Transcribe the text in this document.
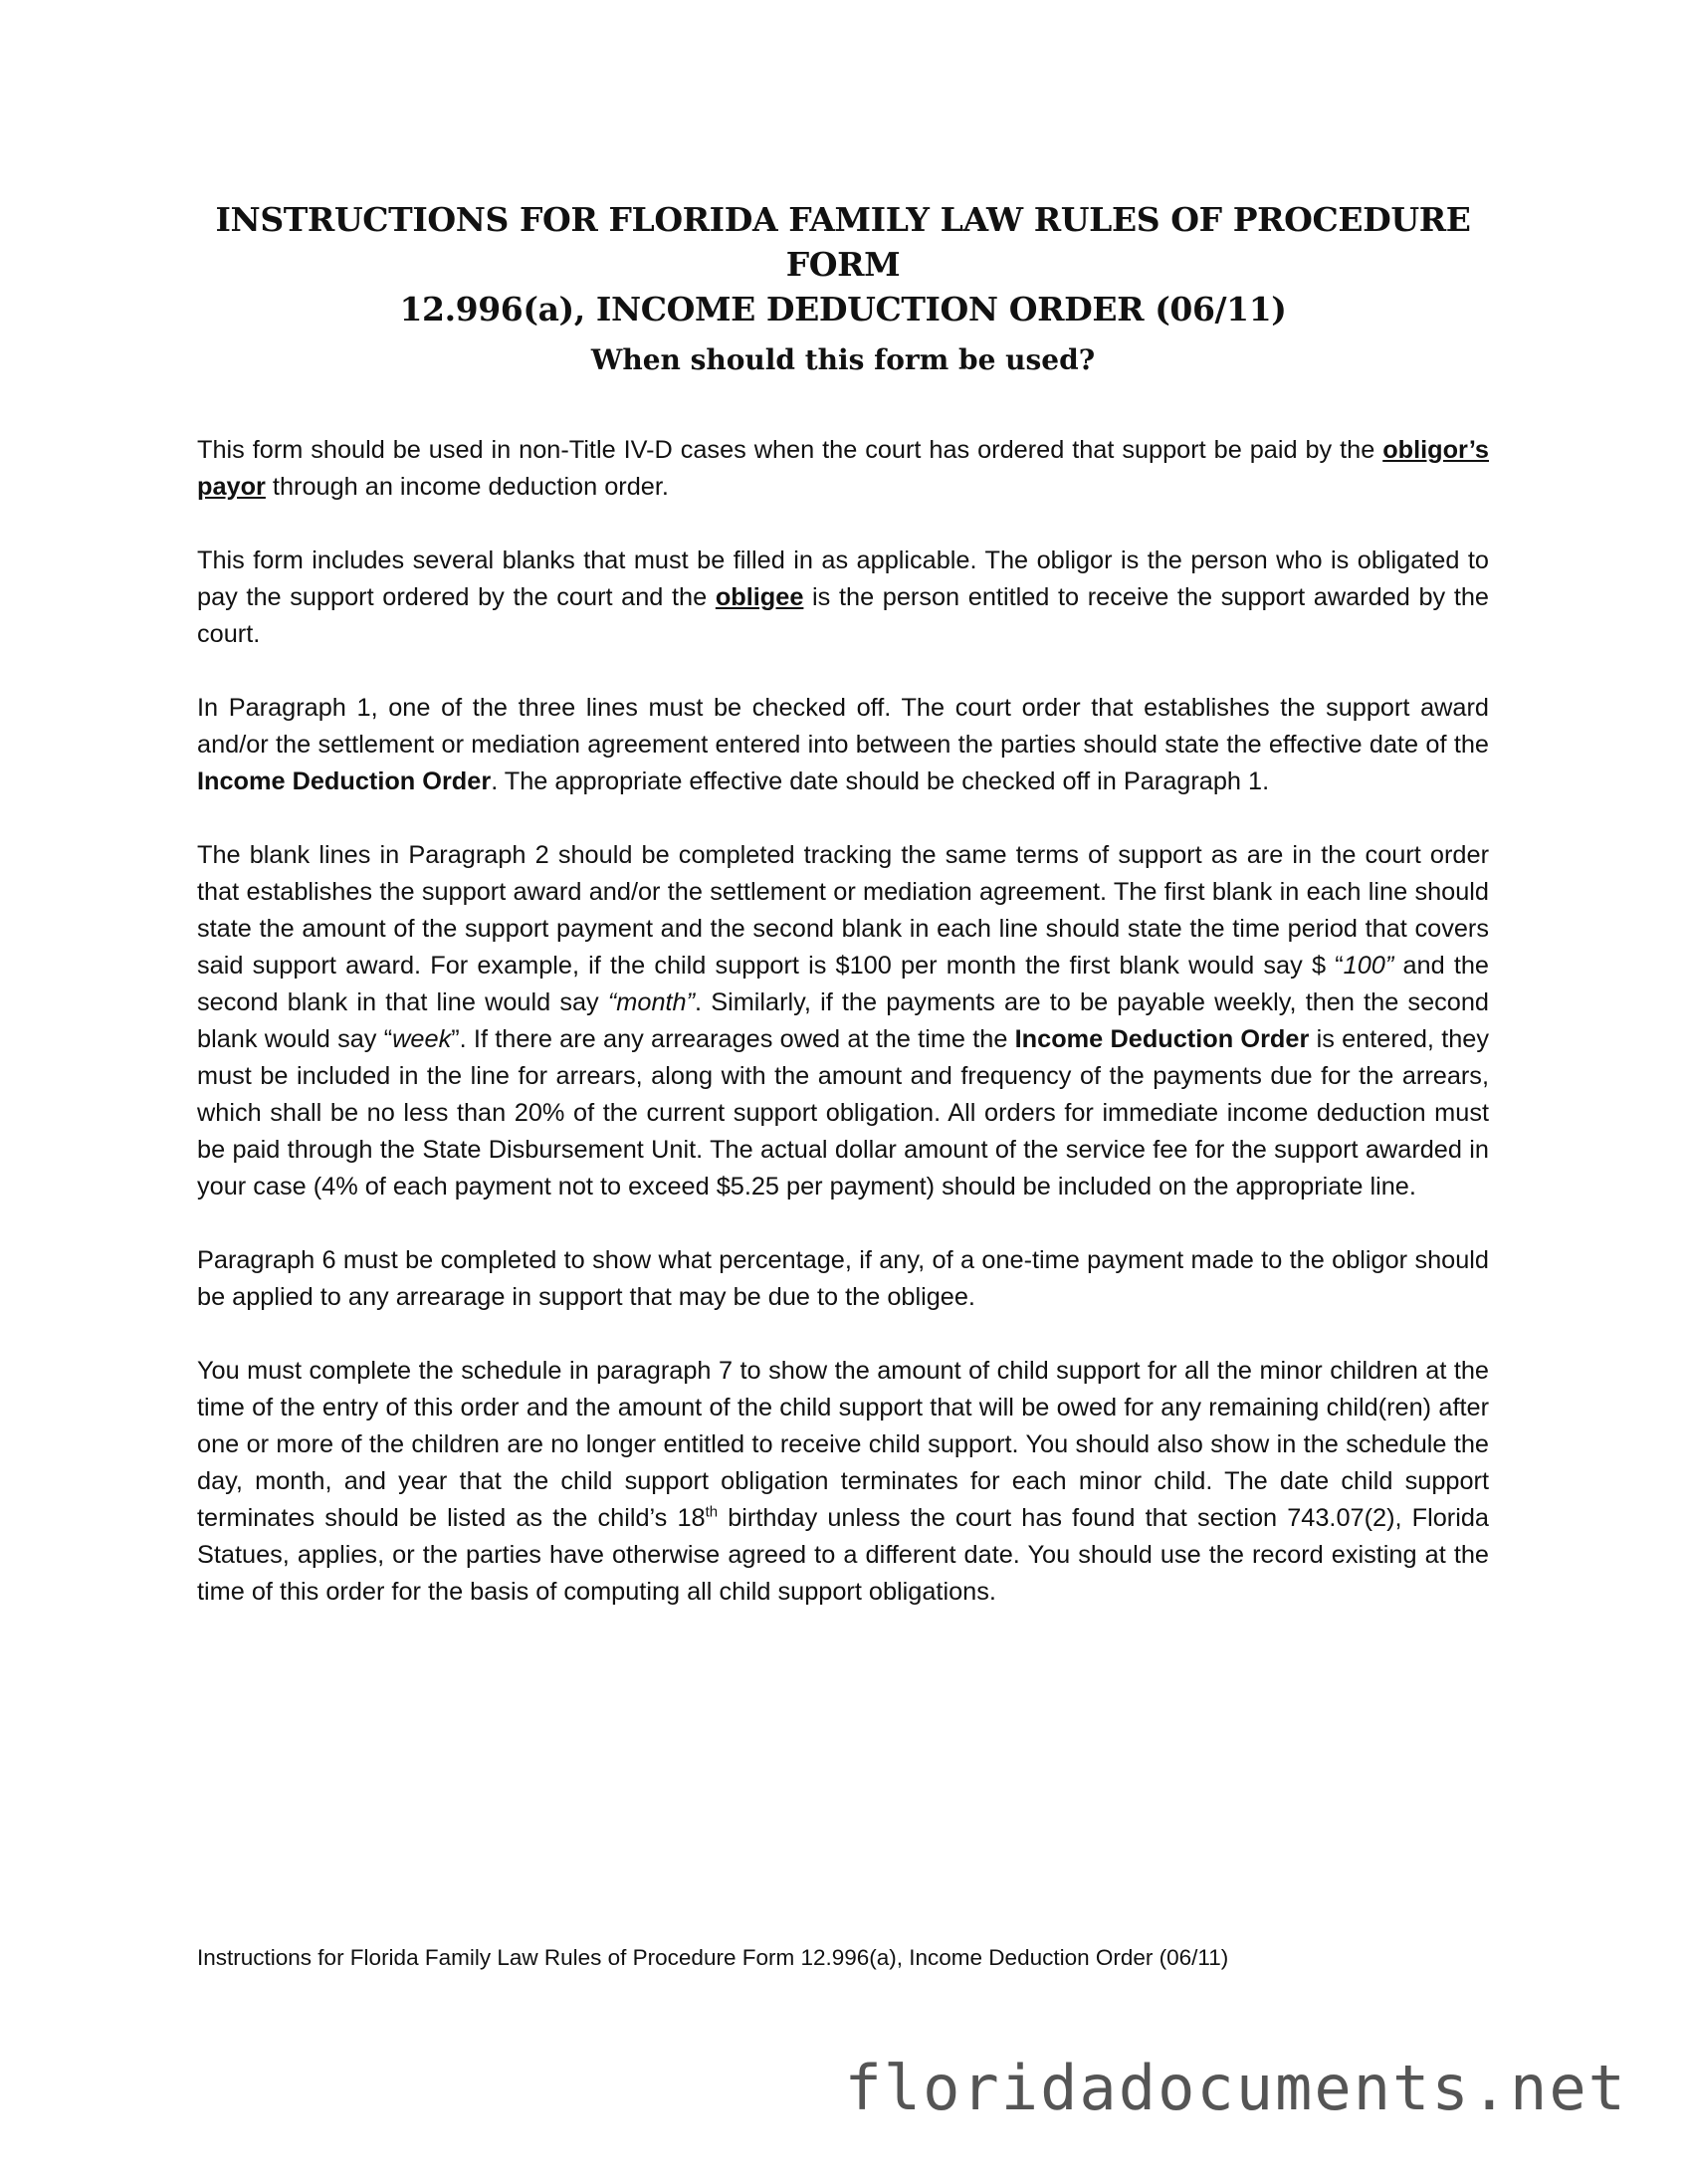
INSTRUCTIONS FOR FLORIDA FAMILY LAW RULES OF PROCEDURE FORM
12.996(a), INCOME DEDUCTION ORDER (06/11)
When should this form be used?

This form should be used in non-Title IV-D cases when the court has ordered that support be paid by the obligor’s payor through an income deduction order.

This form includes several blanks that must be filled in as applicable. The obligor is the person who is obligated to pay the support ordered by the court and the obligee is the person entitled to receive the support awarded by the court.

In Paragraph 1, one of the three lines must be checked off. The court order that establishes the support award and/or the settlement or mediation agreement entered into between the parties should state the effective date of the Income Deduction Order. The appropriate effective date should be checked off in Paragraph 1.

The blank lines in Paragraph 2 should be completed tracking the same terms of support as are in the court order that establishes the support award and/or the settlement or mediation agreement. The first blank in each line should state the amount of the support payment and the second blank in each line should state the time period that covers said support award. For example, if the child support is $100 per month the first blank would say $ “100” and the second blank in that line would say “month”. Similarly, if the payments are to be payable weekly, then the second blank would say “week”. If there are any arrearages owed at the time the Income Deduction Order is entered, they must be included in the line for arrears, along with the amount and frequency of the payments due for the arrears, which shall be no less than 20% of the current support obligation. All orders for immediate income deduction must be paid through the State Disbursement Unit. The actual dollar amount of the service fee for the support awarded in your case (4% of each payment not to exceed $5.25 per payment) should be included on the appropriate line.

Paragraph 6 must be completed to show what percentage, if any, of a one-time payment made to the obligor should be applied to any arrearage in support that may be due to the obligee.

You must complete the schedule in paragraph 7 to show the amount of child support for all the minor children at the time of the entry of this order and the amount of the child support that will be owed for any remaining child(ren) after one or more of the children are no longer entitled to receive child support. You should also show in the schedule the day, month, and year that the child support obligation terminates for each minor child. The date child support terminates should be listed as the child’s 18th birthday unless the court has found that section 743.07(2), Florida Statues, applies, or the parties have otherwise agreed to a different date. You should use the record existing at the time of this order for the basis of computing all child support obligations.

Instructions for Florida Family Law Rules of Procedure Form 12.996(a), Income Deduction Order (06/11)
floridadocuments.net
